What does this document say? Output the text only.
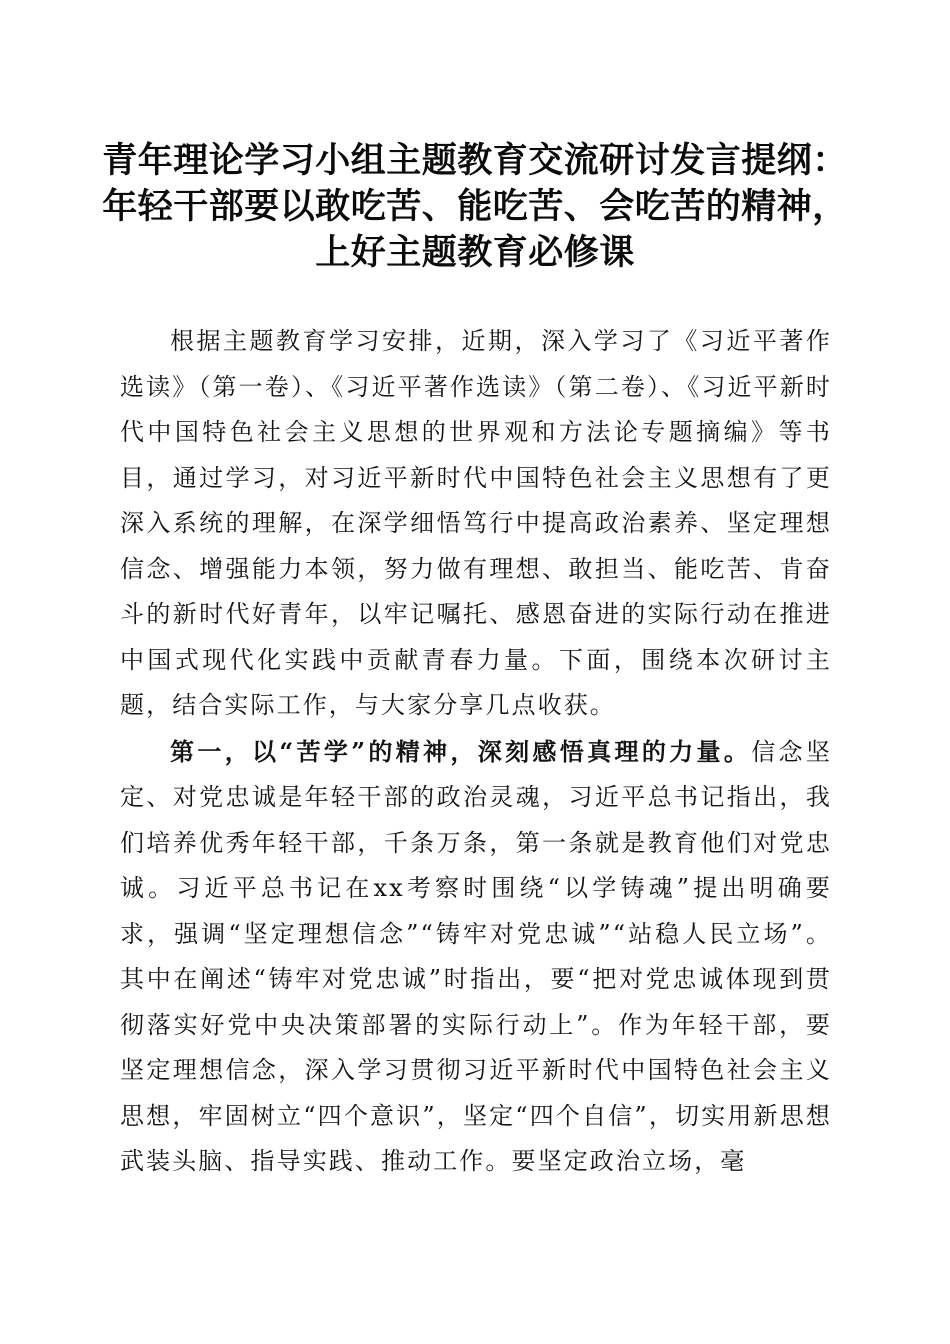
青年理论学习小组主题教育交流研讨发言提纲：
年轻干部要以敢吃苦、能吃苦、会吃苦的精神，
上好主题教育必修课

根据主题教育学习安排，近期，深入学习了《习近平著作选读》（第一卷）、《习近平著作选读》（第二卷）、《习近平新时代中国特色社会主义思想的世界观和方法论专题摘编》等书目，通过学习，对习近平新时代中国特色社会主义思想有了更深入系统的理解，在深学细悟笃行中提高政治素养、坚定理想信念、增强能力本领，努力做有理想、敢担当、能吃苦、肯奋斗的新时代好青年，以牢记嘱托、感恩奋进的实际行动在推进中国式现代化实践中贡献青春力量。下面，围绕本次研讨主题，结合实际工作，与大家分享几点收获。

第一，以“苦学”的精神，深刻感悟真理的力量。信念坚定、对党忠诚是年轻干部的政治灵魂，习近平总书记指出，我们培养优秀年轻干部，千条万条，第一条就是教育他们对党忠诚。习近平总书记在xx考察时围绕“以学铸魂”提出明确要求，强调“坚定理想信念”“铸牢对党忠诚”“站稳人民立场”。其中在阐述“铸牢对党忠诚”时指出，要“把对党忠诚体现到贯彻落实好党中央决策部署的实际行动上”。作为年轻干部，要坚定理想信念，深入学习贯彻习近平新时代中国特色社会主义思想，牢固树立“四个意识”，坚定“四个自信”，切实用新思想武装头脑、指导实践、推动工作。要坚定政治立场，毫
